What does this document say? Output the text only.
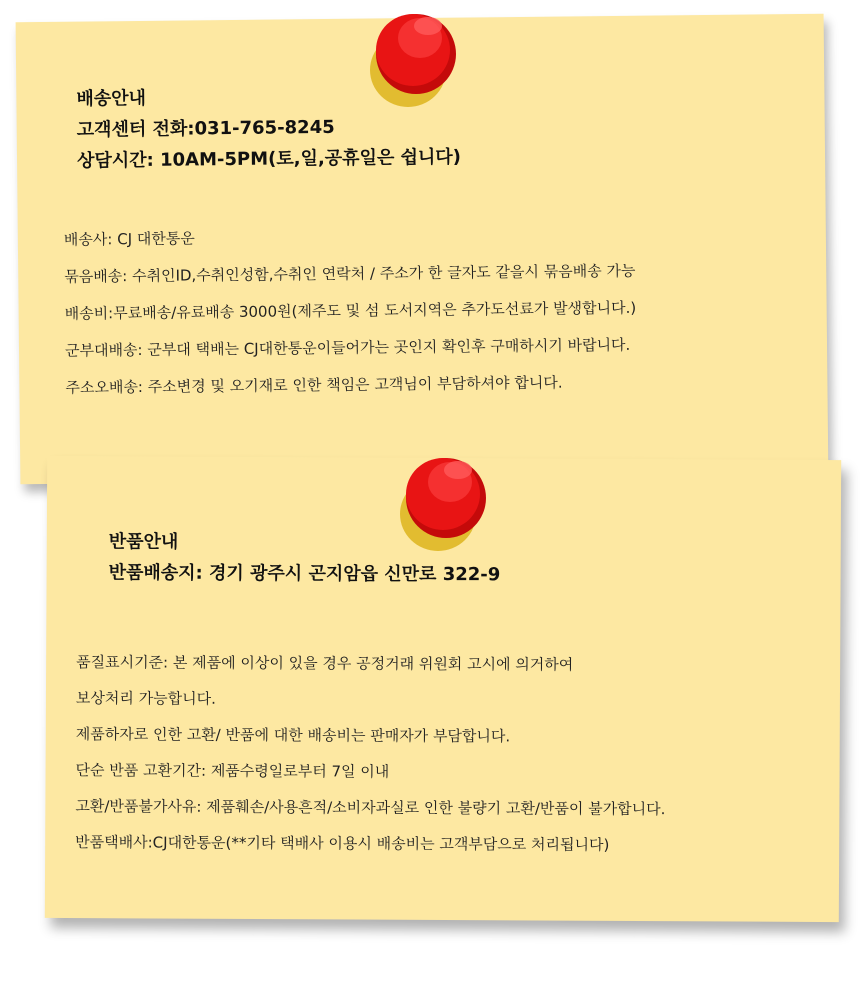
배송안내
고객센터 전화:031-765-8245
상담시간: 10AM-5PM(토,일,공휴일은 쉽니다)
배송사: CJ 대한통운
묶음배송: 수취인ID,수취인성함,수취인 연락처 / 주소가 한 글자도 같을시 묶음배송 가능
배송비:무료배송/유료배송 3000원(제주도 및 섬 도서지역은 추가도선료가 발생합니다.)
군부대배송: 군부대 택배는 CJ대한통운이들어가는 곳인지 확인후 구매하시기 바랍니다.
주소오배송: 주소변경 및 오기재로 인한 책임은 고객님이 부담하셔야 합니다.
반품안내
반품배송지: 경기 광주시 곤지암읍 신만로 322-9
품질표시기준: 본 제품에 이상이 있을 경우 공정거래 위원회 고시에 의거하여
보상처리 가능합니다.
제품하자로 인한 고환/ 반품에 대한 배송비는 판매자가 부담합니다.
단순 반품 고환기간: 제품수령일로부터 7일 이내
고환/반품불가사유: 제품훼손/사용흔적/소비자과실로 인한 불량기 고환/반품이 불가합니다.
반품택배사:CJ대한통운(**기타 택배사 이용시 배송비는 고객부담으로 처리됩니다)
